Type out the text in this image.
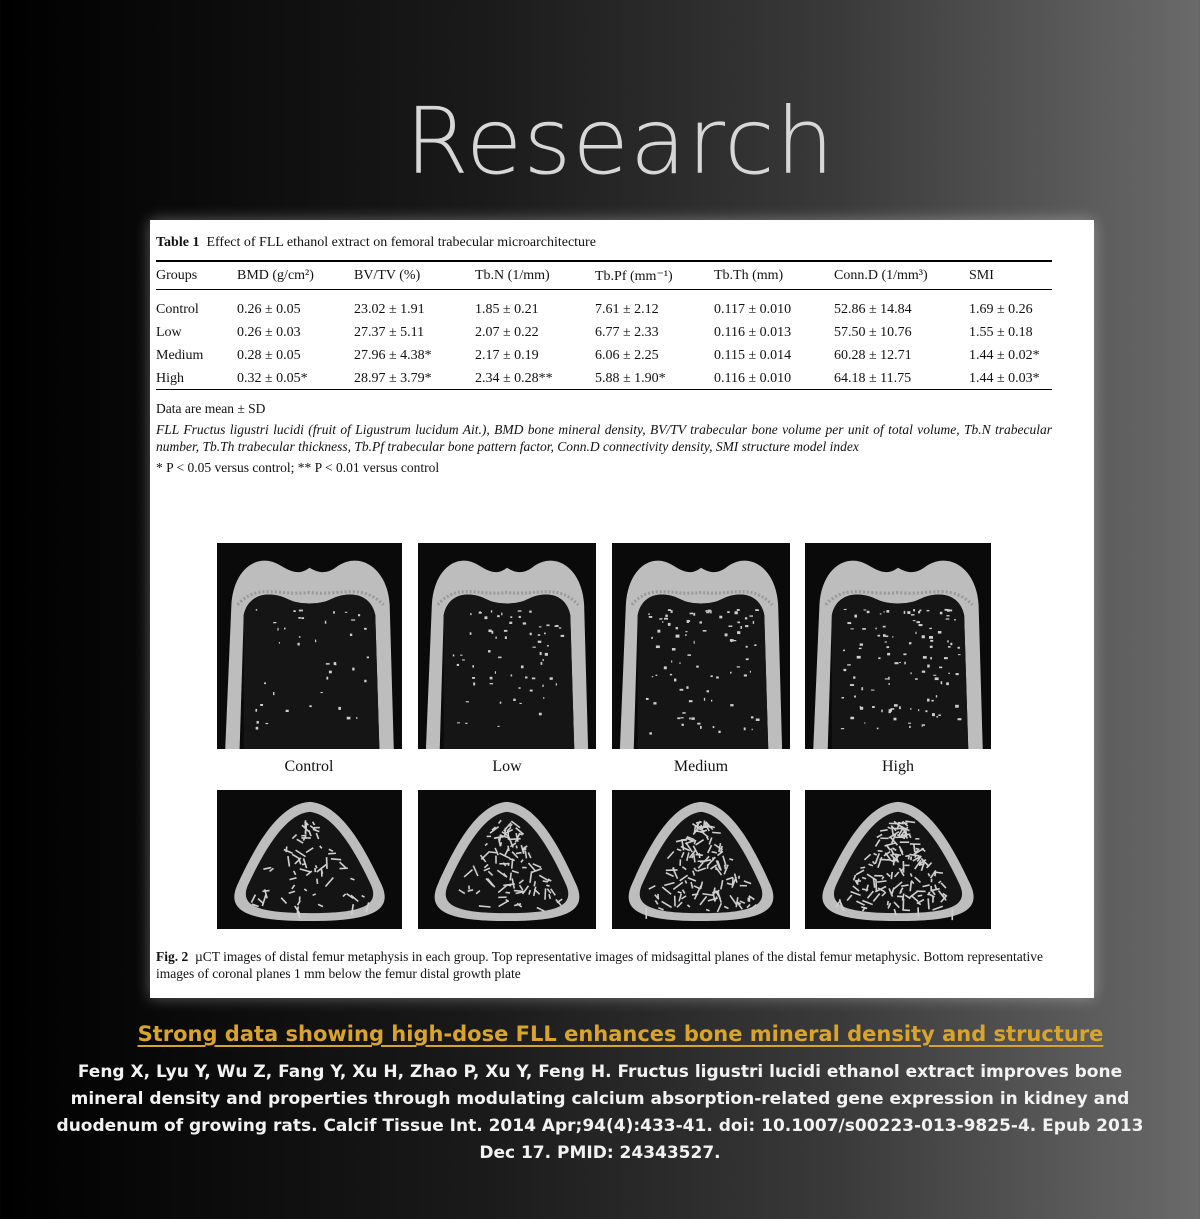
Research
Table 1 Effect of FLL ethanol extract on femoral trabecular microarchitecture
Groups	BMD (g/cm²)	BV/TV (%)	Tb.N (1/mm)	Tb.Pf (mm⁻¹)	Tb.Th (mm)	Conn.D (1/mm³)	SMI

Control	0.26 ± 0.05	23.02 ± 1.91	1.85 ± 0.21	7.61 ± 2.12	0.117 ± 0.010	52.86 ± 14.84	1.69 ± 0.26
Low	0.26 ± 0.03	27.37 ± 5.11	2.07 ± 0.22	6.77 ± 2.33	0.116 ± 0.013	57.50 ± 10.76	1.55 ± 0.18
Medium	0.28 ± 0.05	27.96 ± 4.38*	2.17 ± 0.19	6.06 ± 2.25	0.115 ± 0.014	60.28 ± 12.71	1.44 ± 0.02*
High	0.32 ± 0.05*	28.97 ± 3.79*	2.34 ± 0.28**	5.88 ± 1.90*	0.116 ± 0.010	64.18 ± 11.75	1.44 ± 0.03*
Data are mean ± SD
FLL Fructus ligustri lucidi (fruit of Ligustrum lucidum Ait.), BMD bone mineral density, BV/TV trabecular bone volume per unit of total volume, Tb.N trabecular number, Tb.Th trabecular thickness, Tb.Pf trabecular bone pattern factor, Conn.D connectivity density, SMI structure model index
* P < 0.05 versus control; ** P < 0.01 versus control
Control	Low	Medium	High
Fig. 2 µCT images of distal femur metaphysis in each group. Top representative images of midsagittal planes of the distal femur metaphysic. Bottom representative images of coronal planes 1 mm below the femur distal growth plate
Strong data showing high-dose FLL enhances bone mineral density and structure
Feng X, Lyu Y, Wu Z, Fang Y, Xu H, Zhao P, Xu Y, Feng H. Fructus ligustri lucidi ethanol extract improves bone mineral density and properties through modulating calcium absorption-related gene expression in kidney and duodenum of growing rats. Calcif Tissue Int. 2014 Apr;94(4):433-41. doi: 10.1007/s00223-013-9825-4. Epub 2013 Dec 17. PMID: 24343527.
